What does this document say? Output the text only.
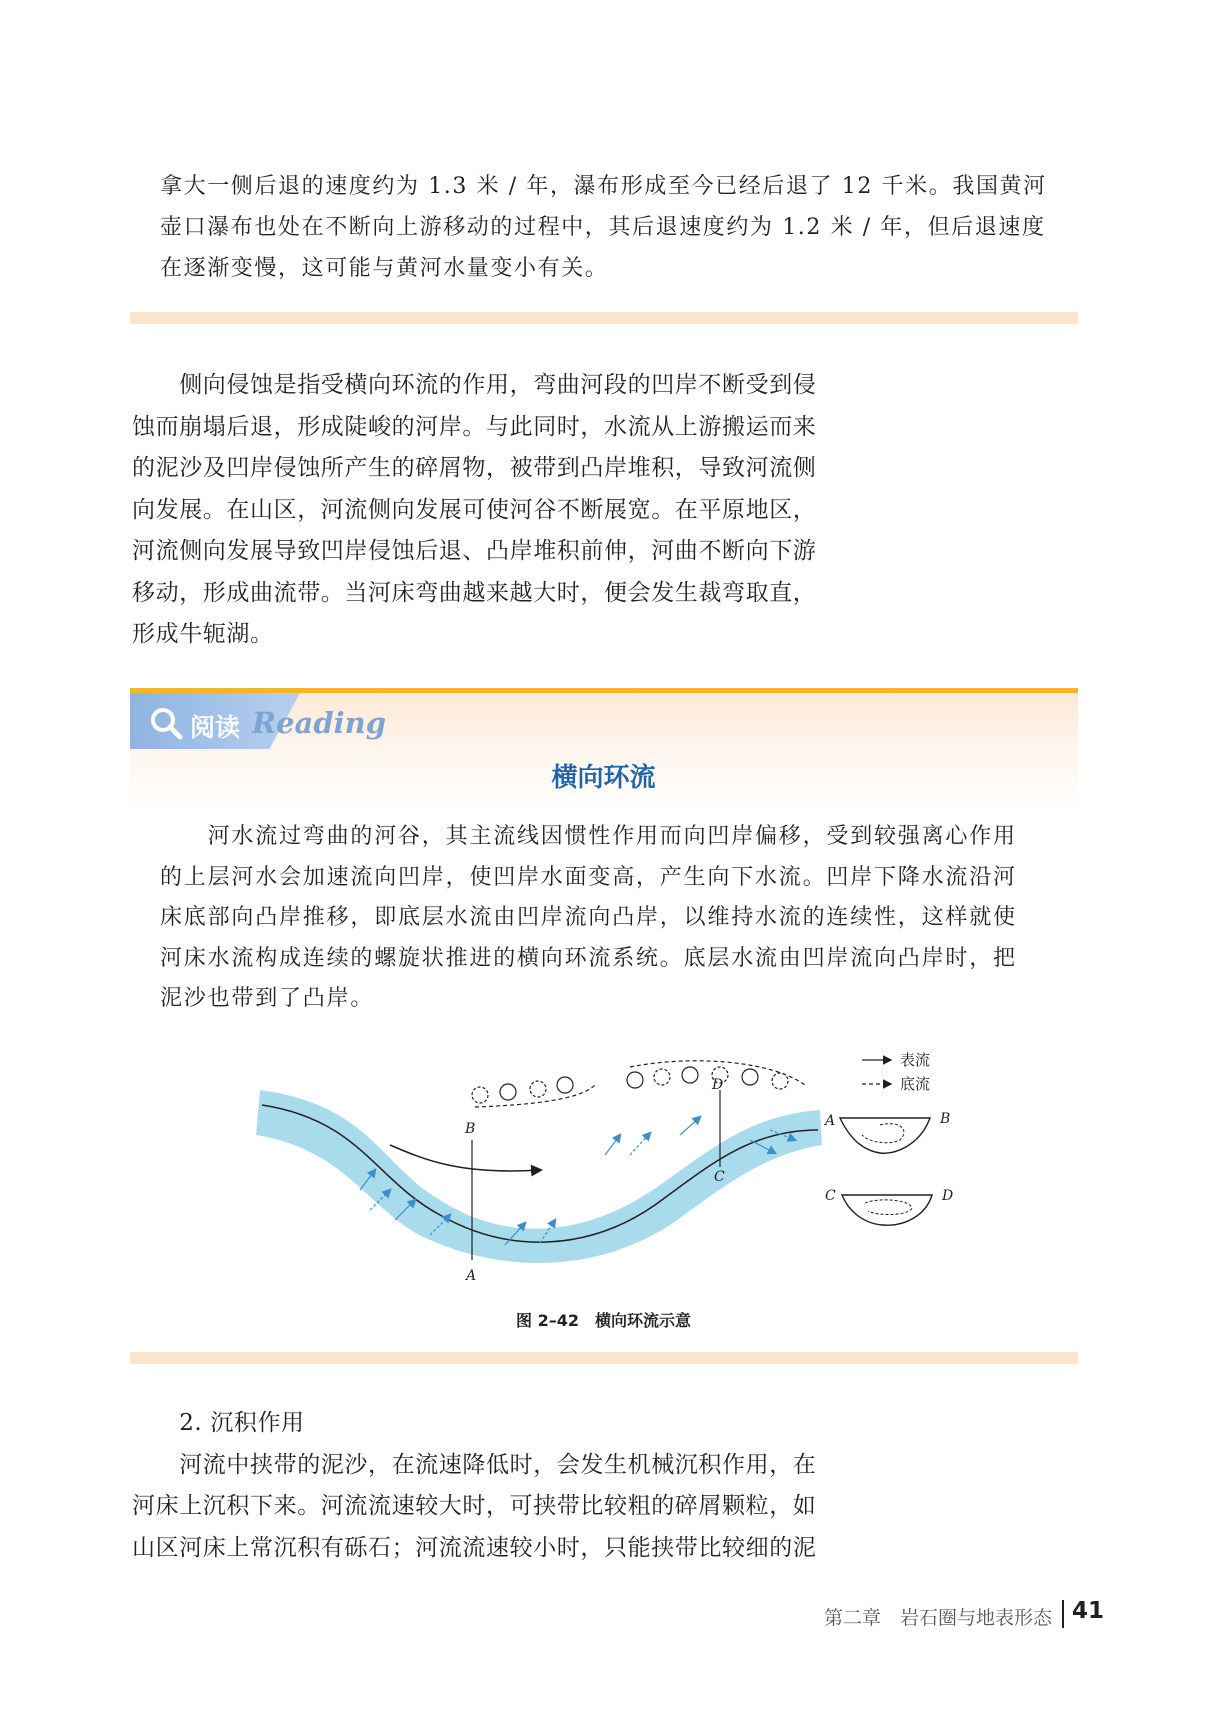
拿大一侧后退的速度约为 1.3 米 / 年，瀑布形成至今已经后退了 12 千米。我国黄河
壶口瀑布也处在不断向上游移动的过程中，其后退速度约为 1.2 米 / 年，但后退速度
在逐渐变慢，这可能与黄河水量变小有关。
　　侧向侵蚀是指受横向环流的作用，弯曲河段的凹岸不断受到侵
蚀而崩塌后退，形成陡峻的河岸。与此同时，水流从上游搬运而来
的泥沙及凹岸侵蚀所产生的碎屑物，被带到凸岸堆积，导致河流侧
向发展。在山区，河流侧向发展可使河谷不断展宽。在平原地区，
河流侧向发展导致凹岸侵蚀后退、凸岸堆积前伸，河曲不断向下游
移动，形成曲流带。当河床弯曲越来越大时，便会发生裁弯取直，
形成牛轭湖。
阅读 Reading
横向环流
　　河水流过弯曲的河谷，其主流线因惯性作用而向凹岸偏移，受到较强离心作用
的上层河水会加速流向凹岸，使凹岸水面变高，产生向下水流。凹岸下降水流沿河
床底部向凸岸推移，即底层水流由凹岸流向凸岸，以维持水流的连续性，这样就使
河床水流构成连续的螺旋状推进的横向环流系统。底层水流由凹岸流向凸岸时，把
泥沙也带到了凸岸。
B
A
D
C
表流
底流
A	B
C	D
图 2–42　横向环流示意
　　2. 沉积作用
　　河流中挟带的泥沙，在流速降低时，会发生机械沉积作用，在
河床上沉积下来。河流流速较大时，可挟带比较粗的碎屑颗粒，如
山区河床上常沉积有砾石；河流流速较小时，只能挟带比较细的泥
第二章　岩石圈与地表形态 41
